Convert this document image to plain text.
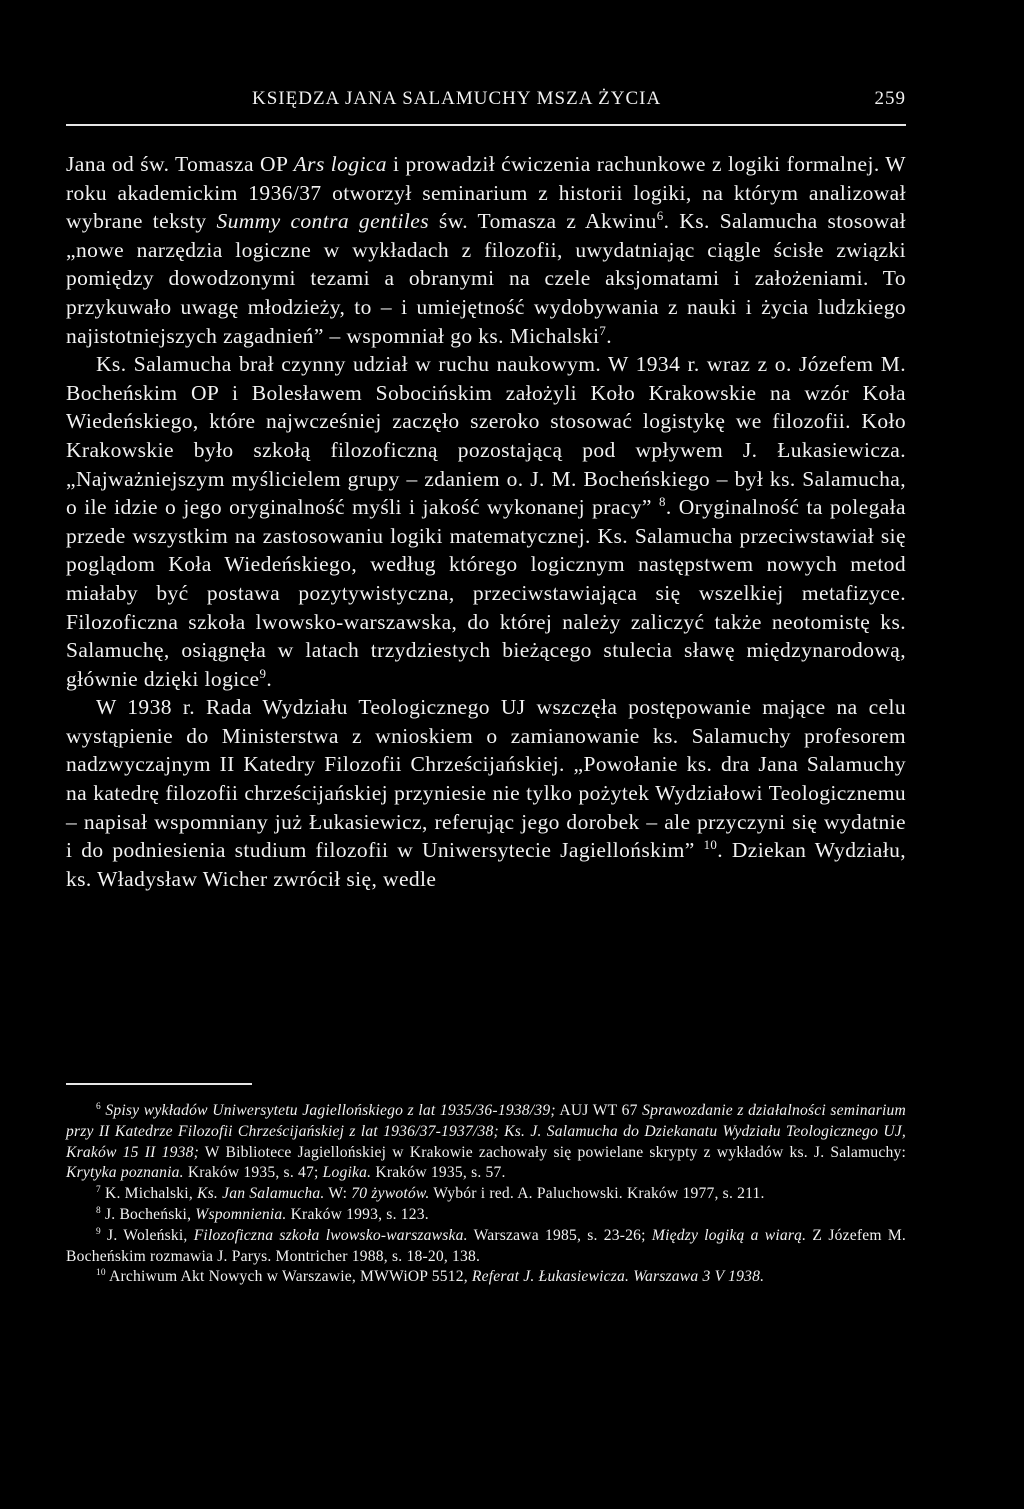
KSIĘDZA JANA SALAMUCHY MSZA ŻYCIA	259

Jana od św. Tomasza OP Ars logica i prowadził ćwiczenia rachunkowe z logiki formalnej. W roku akademickim 1936/37 otworzył seminarium z historii logiki, na którym analizował wybrane teksty Summy contra gentiles św. Tomasza z Akwinu$^6$. Ks. Salamucha stosował „nowe narzędzia logiczne w wykładach z filozofii, uwydatniając ciągle ścisłe związki pomiędzy dowodzonymi tezami a obranymi na czele aksjomatami i założeniami. To przykuwało uwagę młodzieży, to – i umiejętność wydobywania z nauki i życia ludzkiego najistotniejszych zagadnień” – wspomniał go ks. Michalski$^7$.

Ks. Salamucha brał czynny udział w ruchu naukowym. W 1934 r. wraz z o. Józefem M. Bocheńskim OP i Bolesławem Sobocińskim założyli Koło Krakowskie na wzór Koła Wiedeńskiego, które najwcześniej zaczęło szeroko stosować logistykę we filozofii. Koło Krakowskie było szkołą filozoficzną pozostającą pod wpływem J. Łukasiewicza. „Najważniejszym myślicielem grupy – zdaniem o. J. M. Bocheńskiego – był ks. Salamucha, o ile idzie o jego oryginalność myśli i jakość wykonanej pracy” $^8$. Oryginalność ta polegała przede wszystkim na zastosowaniu logiki matematycznej. Ks. Salamucha przeciwstawiał się poglądom Koła Wiedeńskiego, według którego logicznym następstwem nowych metod miałaby być postawa pozytywistyczna, przeciwstawiająca się wszelkiej metafizyce. Filozoficzna szkoła lwowsko-warszawska, do której należy zaliczyć także neotomistę ks. Salamuchę, osiągnęła w latach trzydziestych bieżącego stulecia sławę międzynarodową, głównie dzięki logice$^9$.

W 1938 r. Rada Wydziału Teologicznego UJ wszczęła postępowanie mające na celu wystąpienie do Ministerstwa z wnioskiem o zamianowanie ks. Salamuchy profesorem nadzwyczajnym II Katedry Filozofii Chrześcijańskiej. „Powołanie ks. dra Jana Salamuchy na katedrę filozofii chrześcijańskiej przyniesie nie tylko pożytek Wydziałowi Teologicznemu – napisał wspomniany już Łukasiewicz, referując jego dorobek – ale przyczyni się wydatnie i do podniesienia studium filozofii w Uniwersytecie Jagiellońskim” $^{10}$. Dziekan Wydziału, ks. Władysław Wicher zwrócił się, wedle

$^6$ Spisy wykładów Uniwersytetu Jagiellońskiego z lat 1935/36-1938/39; AUJ WT 67 Sprawozdanie z działalności seminarium przy II Katedrze Filozofii Chrześcijańskiej z lat 1936/37-1937/38; Ks. J. Salamucha do Dziekanatu Wydziału Teologicznego UJ, Kraków 15 II 1938; W Bibliotece Jagiellońskiej w Krakowie zachowały się powielane skrypty z wykładów ks. J. Salamuchy: Krytyka poznania. Kraków 1935, s. 47; Logika. Kraków 1935, s. 57.

$^7$ K. Michalski, Ks. Jan Salamucha. W: 70 żywotów. Wybór i red. A. Paluchowski. Kraków 1977, s. 211.

$^8$ J. Bocheński, Wspomnienia. Kraków 1993, s. 123.

$^9$ J. Woleński, Filozoficzna szkoła lwowsko-warszawska. Warszawa 1985, s. 23-26; Między logiką a wiarą. Z Józefem M. Bocheńskim rozmawia J. Parys. Montricher 1988, s. 18-20, 138.

$^{10}$ Archiwum Akt Nowych w Warszawie, MWWiOP 5512, Referat J. Łukasiewicza. Warszawa 3 V 1938.
